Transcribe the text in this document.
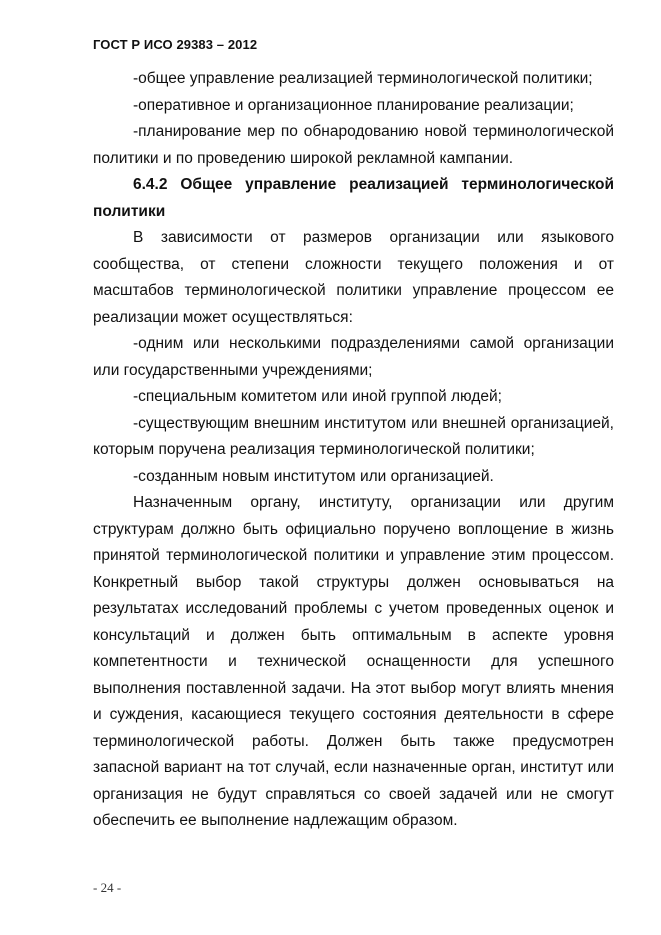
ГОСТ Р ИСО 29383 – 2012

-общее управление реализацией терминологической политики;

-оперативное и организационное планирование реализации;

-планирование мер по обнародованию новой терминологической политики и по проведению широкой рекламной кампании.

6.4.2 Общее управление реализацией терминологической политики

В зависимости от размеров организации или языкового сообщества, от степени сложности текущего положения и от масштабов терминологической политики управление процессом ее реализации может осуществляться:

-одним или несколькими подразделениями самой организации или государственными учреждениями;

-специальным комитетом или иной группой людей;

-существующим внешним институтом или внешней организацией, которым поручена реализация терминологической политики;

-созданным новым институтом или организацией.

Назначенным органу, институту, организации или другим структурам должно быть официально поручено воплощение в жизнь принятой терминологической политики и управление этим процессом. Конкретный выбор такой структуры должен основываться на результатах исследований проблемы с учетом проведенных оценок и консультаций и должен быть оптимальным в аспекте уровня компетентности и технической оснащенности для успешного выполнения поставленной задачи. На этот выбор могут влиять мнения и суждения, касающиеся текущего состояния деятельности в сфере терминологической работы. Должен быть также предусмотрен запасной вариант на тот случай, если назначенные орган, институт или организация не будут справляться со своей задачей или не смогут обеспечить ее выполнение надлежащим образом.

- 24 -
